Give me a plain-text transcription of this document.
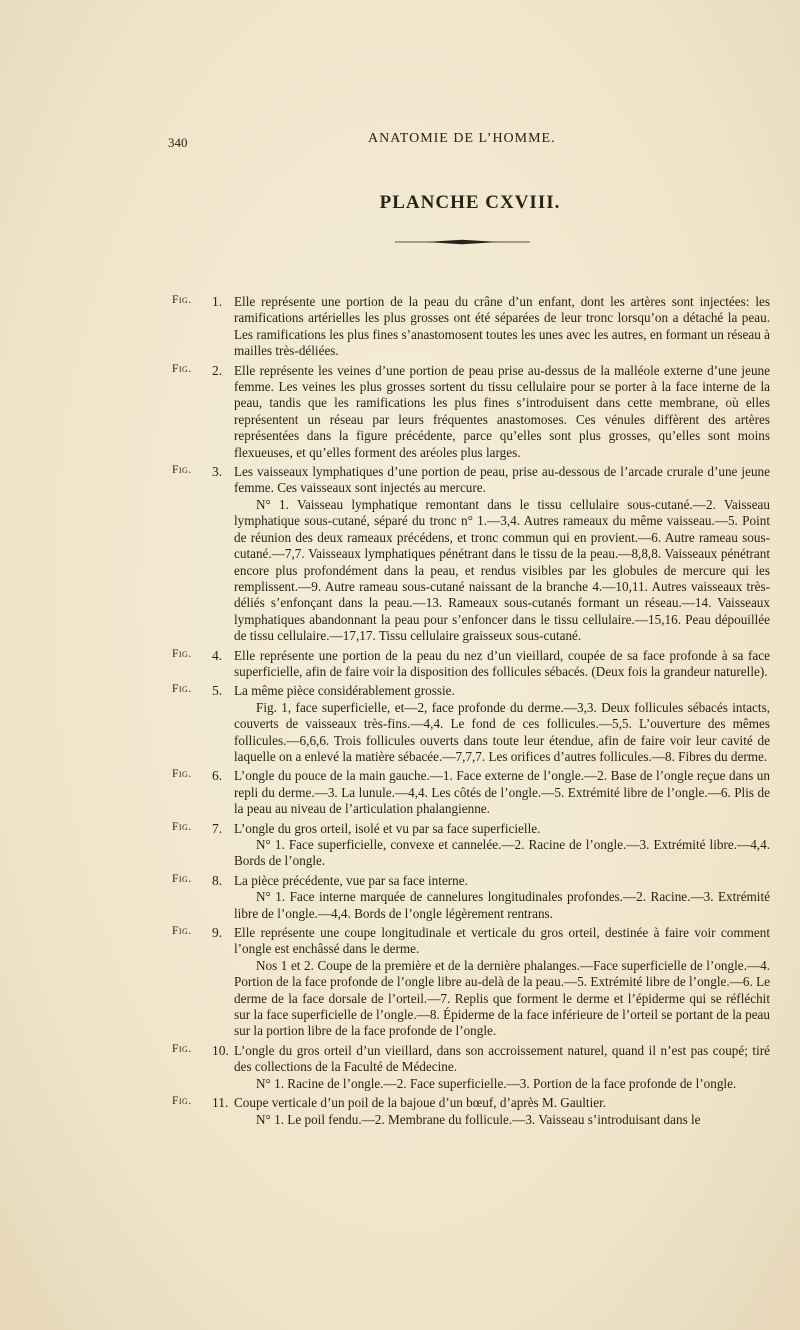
340	ANATOMIE DE L’HOMME.
PLANCHE CXVIII.
Fig. 1. Elle représente une portion de la peau du crâne d’un enfant, dont les artères sont injectées: les ramifications artérielles les plus grosses ont été séparées de leur tronc lorsqu’on a détaché la peau. Les ramifications les plus fines s’anastomosent toutes les unes avec les autres, en formant un réseau à mailles très-déliées.

Fig. 2. Elle représente les veines d’une portion de peau prise au-dessus de la malléole externe d’une jeune femme. Les veines les plus grosses sortent du tissu cellulaire pour se porter à la face interne de la peau, tandis que les ramifications les plus fines s’introduisent dans cette membrane, où elles représentent un réseau par leurs fréquentes anastomoses. Ces vénules diffèrent des artères représentées dans la figure précédente, parce qu’elles sont plus grosses, qu’elles sont moins flexueuses, et qu’elles forment des aréoles plus larges.

Fig. 3. Les vaisseaux lymphatiques d’une portion de peau, prise au-dessous de l’arcade crurale d’une jeune femme. Ces vaisseaux sont injectés au mercure.

N° 1. Vaisseau lymphatique remontant dans le tissu cellulaire sous-cutané.—2. Vaisseau lymphatique sous-cutané, séparé du tronc n° 1.—3,4. Autres rameaux du même vaisseau.—5. Point de réunion des deux rameaux précédens, et tronc commun qui en provient.—6. Autre rameau sous-cutané.—7,7. Vaisseaux lymphatiques pénétrant dans le tissu de la peau.—8,8,8. Vaisseaux pénétrant encore plus profondément dans la peau, et rendus visibles par les globules de mercure qui les remplissent.—9. Autre rameau sous-cutané naissant de la branche 4.—10,11. Autres vaisseaux très-déliés s’enfonçant dans la peau.—13. Rameaux sous-cutanés formant un réseau.—14. Vaisseaux lymphatiques abandonnant la peau pour s’enfoncer dans le tissu cellulaire.—15,16. Peau dépouillée de tissu cellulaire.—17,17. Tissu cellulaire graisseux sous-cutané.

Fig. 4. Elle représente une portion de la peau du nez d’un vieillard, coupée de sa face profonde à sa face superficielle, afin de faire voir la disposition des follicules sébacés. (Deux fois la grandeur naturelle).

Fig. 5. La même pièce considérablement grossie.

Fig. 1, face superficielle, et—2, face profonde du derme.—3,3. Deux follicules sébacés intacts, couverts de vaisseaux très-fins.—4,4. Le fond de ces follicules.—5,5. L’ouverture des mêmes follicules.—6,6,6. Trois follicules ouverts dans toute leur étendue, afin de faire voir leur cavité de laquelle on a enlevé la matière sébacée.—7,7,7. Les orifices d’autres follicules.—8. Fibres du derme.

Fig. 6. L’ongle du pouce de la main gauche.—1. Face externe de l’ongle.—2. Base de l’ongle reçue dans un repli du derme.—3. La lunule.—4,4. Les côtés de l’ongle.—5. Extrémité libre de l’ongle.—6. Plis de la peau au niveau de l’articulation phalangienne.

Fig. 7. L’ongle du gros orteil, isolé et vu par sa face superficielle.

N° 1. Face superficielle, convexe et cannelée.—2. Racine de l’ongle.—3. Extrémité libre.—4,4. Bords de l’ongle.

Fig. 8. La pièce précédente, vue par sa face interne.

N° 1. Face interne marquée de cannelures longitudinales profondes.—2. Racine.—3. Extrémité libre de l’ongle.—4,4. Bords de l’ongle légèrement rentrans.

Fig. 9. Elle représente une coupe longitudinale et verticale du gros orteil, destinée à faire voir comment l’ongle est enchâssé dans le derme.

Nos 1 et 2. Coupe de la première et de la dernière phalanges.—Face superficielle de l’ongle.—4. Portion de la face profonde de l’ongle libre au-delà de la peau.—5. Extrémité libre de l’ongle.—6. Le derme de la face dorsale de l’orteil.—7. Replis que forment le derme et l’épiderme qui se réfléchit sur la face superficielle de l’ongle.—8. Épiderme de la face inférieure de l’orteil se portant de la peau sur la portion libre de la face profonde de l’ongle.

Fig. 10. L’ongle du gros orteil d’un vieillard, dans son accroissement naturel, quand il n’est pas coupé; tiré des collections de la Faculté de Médecine.

N° 1. Racine de l’ongle.—2. Face superficielle.—3. Portion de la face profonde de l’ongle.

Fig. 11. Coupe verticale d’un poil de la bajoue d’un bœuf, d’après M. Gaultier.

N° 1. Le poil fendu.—2. Membrane du follicule.—3. Vaisseau s’introduisant dans le
